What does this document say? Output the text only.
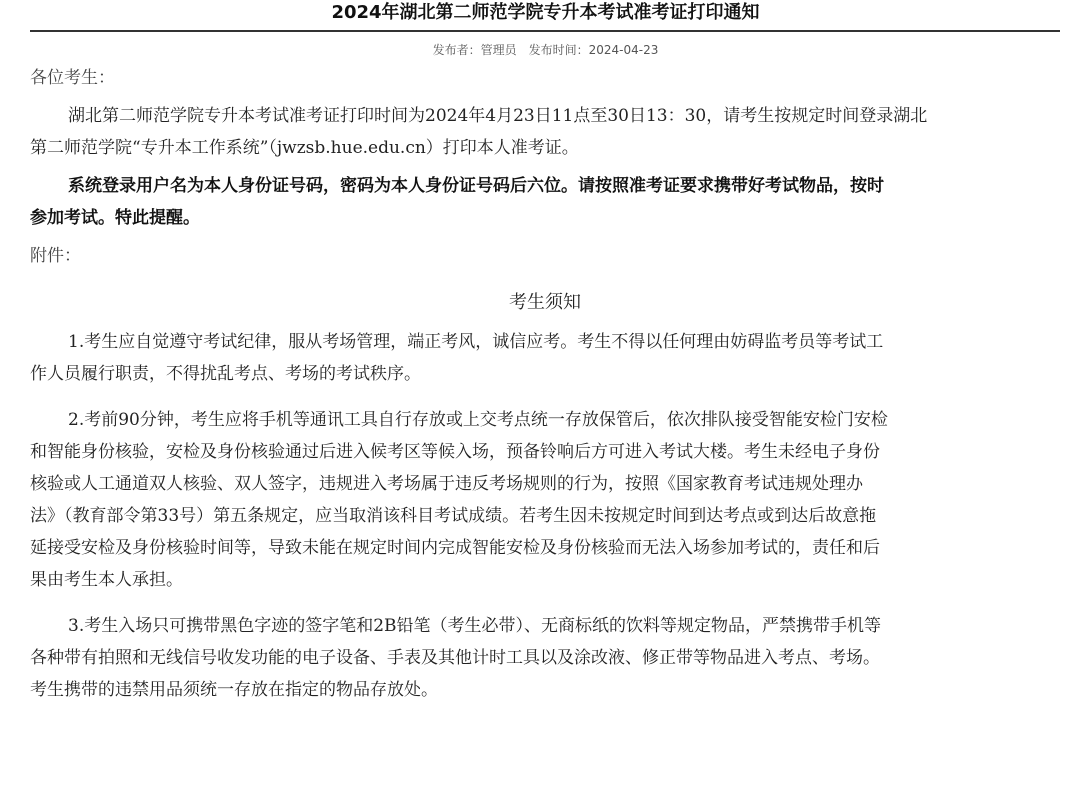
2024年湖北第二师范学院专升本考试准考证打印通知
发布者：管理员 发布时间：2024-04-23

各位考生：

湖北第二师范学院专升本考试准考证打印时间为2024年4月23日11点至30日13：30，请考生按规定时间登录湖北

第二师范学院“专升本工作系统”（jwzsb.hue.edu.cn）打印本人准考证。

系统登录用户名为本人身份证号码，密码为本人身份证号码后六位。请按照准考证要求携带好考试物品，按时

参加考试。特此提醒。

附件：

考生须知

1.考生应自觉遵守考试纪律，服从考场管理，端正考风，诚信应考。考生不得以任何理由妨碍监考员等考试工

作人员履行职责，不得扰乱考点、考场的考试秩序。

2.考前90分钟，考生应将手机等通讯工具自行存放或上交考点统一存放保管后，依次排队接受智能安检门安检

和智能身份核验，安检及身份核验通过后进入候考区等候入场，预备铃响后方可进入考试大楼。考生未经电子身份

核验或人工通道双人核验、双人签字，违规进入考场属于违反考场规则的行为，按照《国家教育考试违规处理办

法》（教育部令第33号）第五条规定，应当取消该科目考试成绩。若考生因未按规定时间到达考点或到达后故意拖

延接受安检及身份核验时间等，导致未能在规定时间内完成智能安检及身份核验而无法入场参加考试的，责任和后

果由考生本人承担。

3.考生入场只可携带黑色字迹的签字笔和2B铅笔（考生必带）、无商标纸的饮料等规定物品，严禁携带手机等

各种带有拍照和无线信号收发功能的电子设备、手表及其他计时工具以及涂改液、修正带等物品进入考点、考场。

考生携带的违禁用品须统一存放在指定的物品存放处。
